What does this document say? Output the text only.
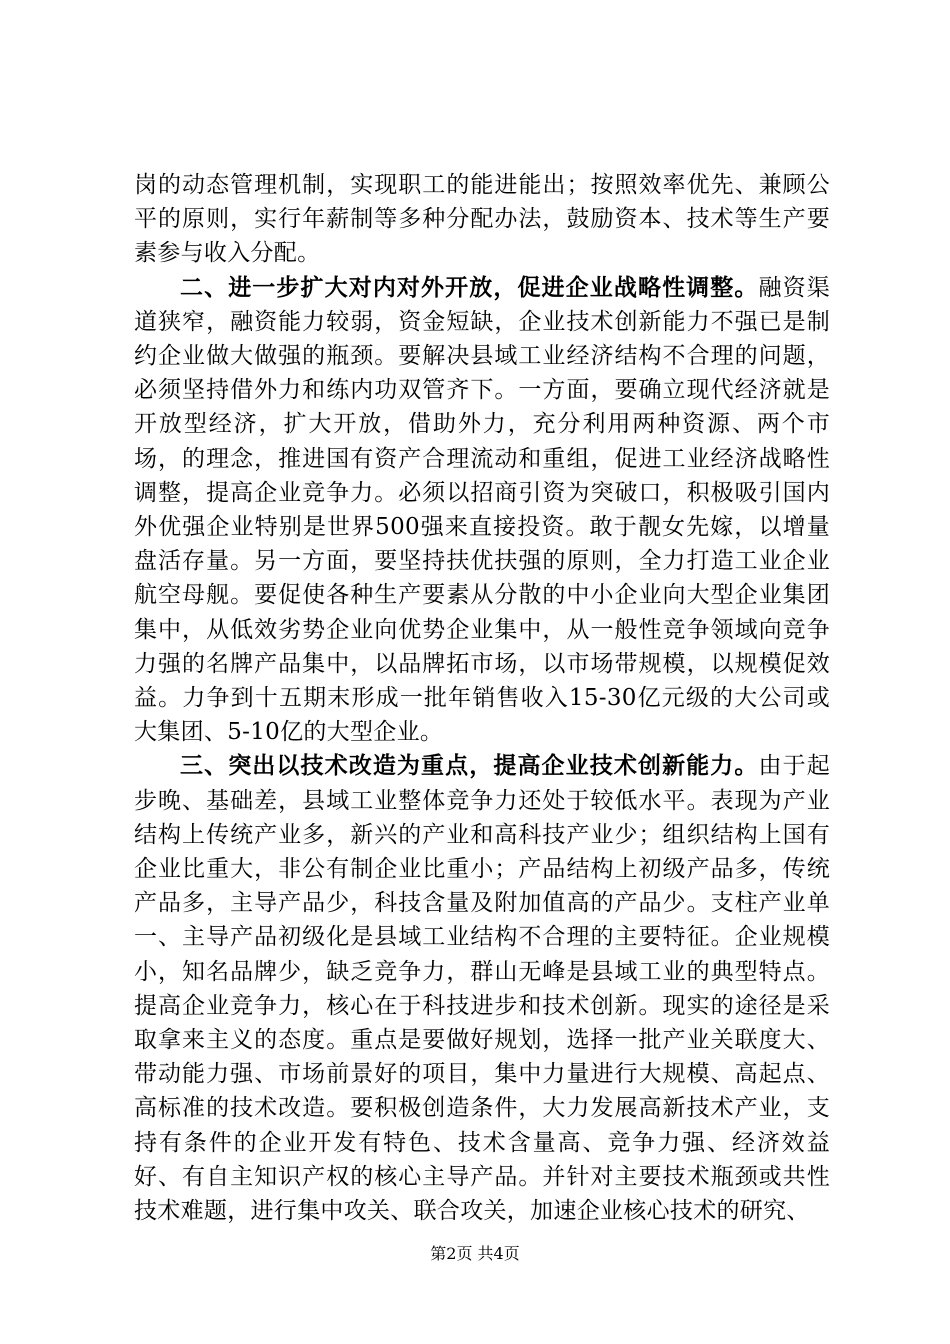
岗的动态管理机制，实现职工的能进能出；按照效率优先、兼顾公平的原则，实行年薪制等多种分配办法，鼓励资本、技术等生产要素参与收入分配。

二、进一步扩大对内对外开放，促进企业战略性调整。融资渠道狭窄，融资能力较弱，资金短缺，企业技术创新能力不强已是制约企业做大做强的瓶颈。要解决县域工业经济结构不合理的问题，必须坚持借外力和练内功双管齐下。一方面，要确立现代经济就是开放型经济，扩大开放，借助外力，充分利用两种资源、两个市场，的理念，推进国有资产合理流动和重组，促进工业经济战略性调整，提高企业竞争力。必须以招商引资为突破口，积极吸引国内外优强企业特别是世界500强来直接投资。敢于靓女先嫁，以增量盘活存量。另一方面，要坚持扶优扶强的原则，全力打造工业企业航空母舰。要促使各种生产要素从分散的中小企业向大型企业集团集中，从低效劣势企业向优势企业集中，从一般性竞争领域向竞争力强的名牌产品集中，以品牌拓市场，以市场带规模，以规模促效益。力争到十五期末形成一批年销售收入15-30亿元级的大公司或大集团、5-10亿的大型企业。

三、突出以技术改造为重点，提高企业技术创新能力。由于起步晚、基础差，县域工业整体竞争力还处于较低水平。表现为产业结构上传统产业多，新兴的产业和高科技产业少；组织结构上国有企业比重大，非公有制企业比重小；产品结构上初级产品多，传统产品多，主导产品少，科技含量及附加值高的产品少。支柱产业单一、主导产品初级化是县域工业结构不合理的主要特征。企业规模小，知名品牌少，缺乏竞争力，群山无峰是县域工业的典型特点。提高企业竞争力，核心在于科技进步和技术创新。现实的途径是采取拿来主义的态度。重点是要做好规划，选择一批产业关联度大、带动能力强、市场前景好的项目，集中力量进行大规模、高起点、高标准的技术改造。要积极创造条件，大力发展高新技术产业，支持有条件的企业开发有特色、技术含量高、竞争力强、经济效益好、有自主知识产权的核心主导产品。并针对主要技术瓶颈或共性技术难题，进行集中攻关、联合攻关，加速企业核心技术的研究、

第2页 共4页
